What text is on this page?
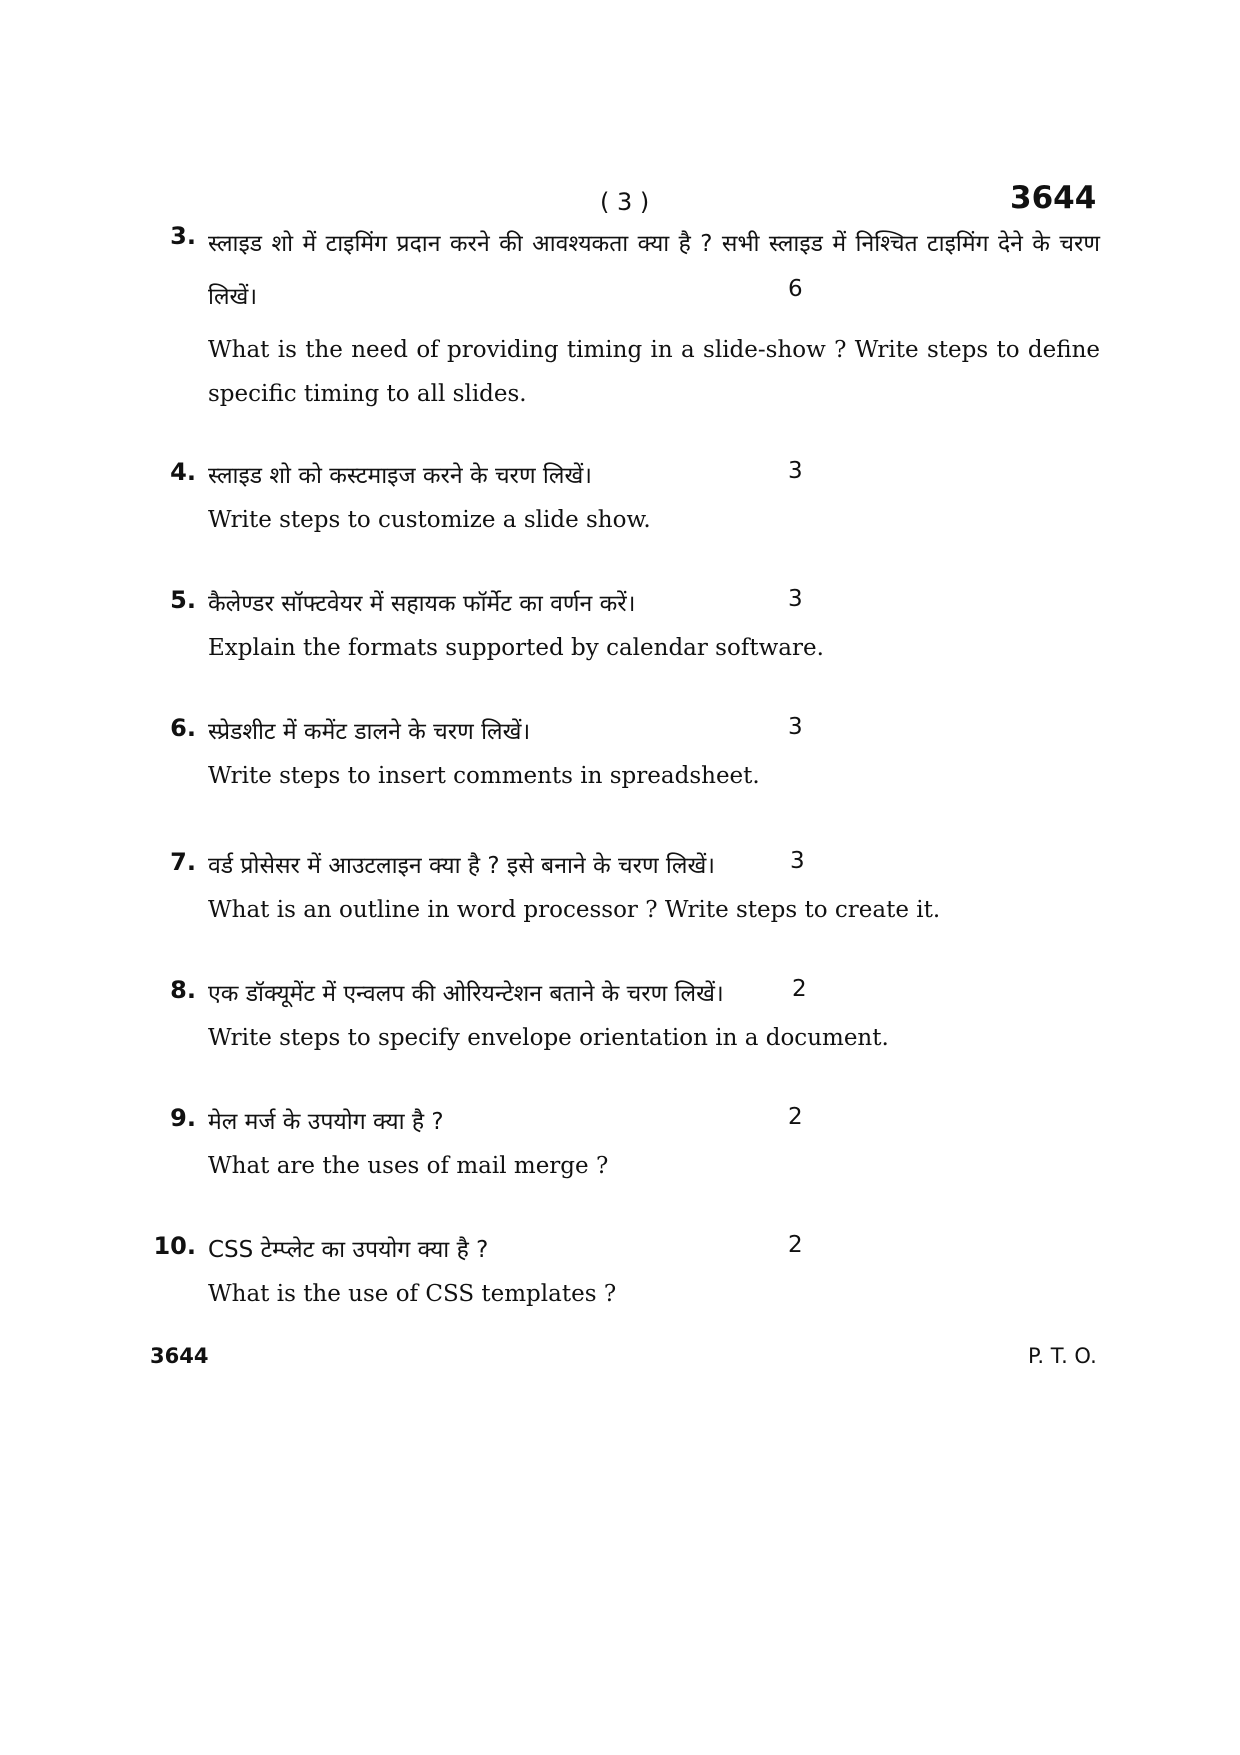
( 3 )	3644
3. स्लाइड शो में टाइमिंग प्रदान करने की आवश्यकता क्या है ? सभी स्लाइड में निश्चित टाइमिंग देने के चरण लिखें।	6
What is the need of providing timing in a slide-show ? Write steps to define specific timing to all slides.
4. स्लाइड शो को कस्टमाइज करने के चरण लिखें।	3
Write steps to customize a slide show.
5. कैलेण्डर सॉफ्टवेयर में सहायक फॉर्मेट का वर्णन करें।	3
Explain the formats supported by calendar software.
6. स्प्रेडशीट में कमेंट डालने के चरण लिखें।	3
Write steps to insert comments in spreadsheet.
7. वर्ड प्रोसेसर में आउटलाइन क्या है ? इसे बनाने के चरण लिखें।	3
What is an outline in word processor ? Write steps to create it.
8. एक डॉक्यूमेंट में एन्वलप की ओरियन्टेशन बताने के चरण लिखें।	2
Write steps to specify envelope orientation in a document.
9. मेल मर्ज के उपयोग क्या है ?	2
What are the uses of mail merge ?
10. CSS टेम्प्लेट का उपयोग क्या है ?	2
What is the use of CSS templates ?
3644	P. T. O.
